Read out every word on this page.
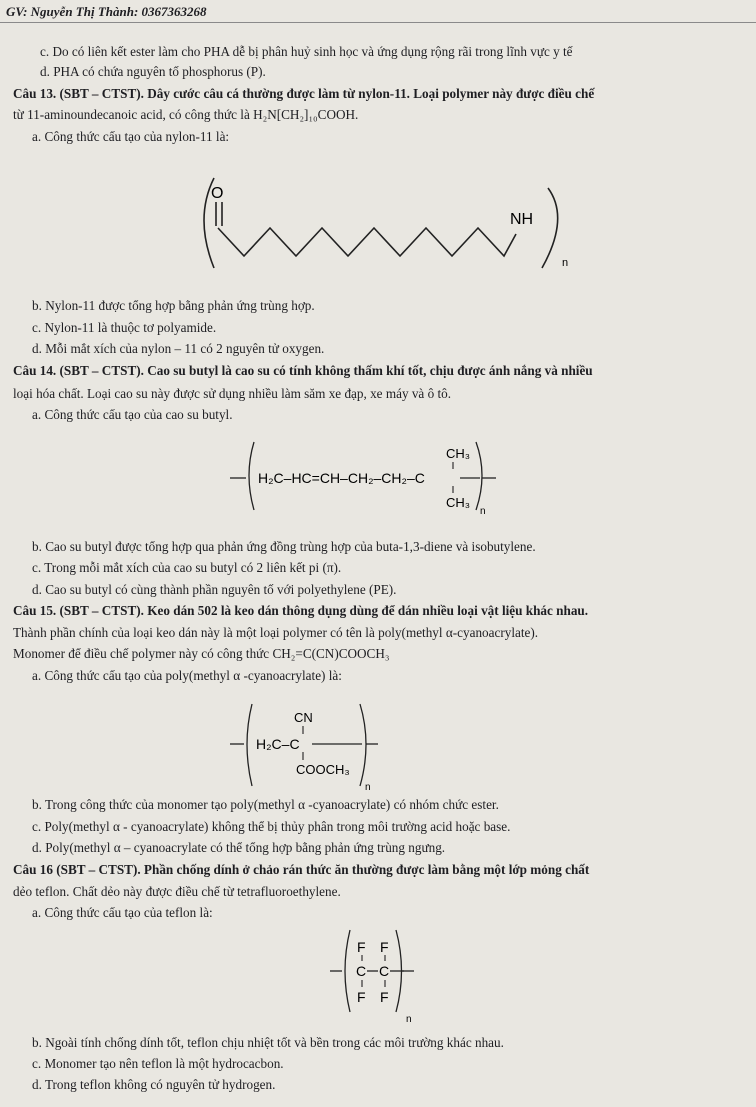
GV: Nguyễn Thị Thành: 0367363268
c. Do có liên kết ester làm cho PHA dễ bị phân huỷ sinh học và ứng dụng rộng rãi trong lĩnh vực y tế
d. PHA có chứa nguyên tố phosphorus (P).
Câu 13. (SBT – CTST). Dây cước câu cá thường được làm từ nylon-11. Loại polymer này được điều chế
từ 11-aminoundecanoic acid, có công thức là H₂N[CH₂]₁₀COOH.
a. Công thức cấu tạo của nylon-11 là:
O
NH
n
b. Nylon-11 được tổng hợp bằng phản ứng trùng hợp.
c. Nylon-11 là thuộc tơ polyamide.
d. Mỗi mắt xích của nylon – 11 có 2 nguyên tử oxygen.
Câu 14. (SBT – CTST). Cao su butyl là cao su có tính không thấm khí tốt, chịu được ánh nắng và nhiều
loại hóa chất. Loại cao su này được sử dụng nhiều làm săm xe đạp, xe máy và ô tô.
a. Công thức cấu tạo của cao su butyl.
H₂C–HC=CH–CH₂–CH₂–C
CH₃
CH₃
n
b. Cao su butyl được tổng hợp qua phản ứng đồng trùng hợp của buta-1,3-diene và isobutylene.
c. Trong mỗi mắt xích của cao su butyl có 2 liên kết pi (π).
d. Cao su butyl có cùng thành phần nguyên tố với polyethylene (PE).
Câu 15. (SBT – CTST). Keo dán 502 là keo dán thông dụng dùng để dán nhiều loại vật liệu khác nhau.
Thành phần chính của loại keo dán này là một loại polymer có tên là poly(methyl α-cyanoacrylate).
Monomer để điều chế polymer này có công thức CH₂=C(CN)COOCH₃
a. Công thức cấu tạo của poly(methyl α -cyanoacrylate) là:
H₂C–C
CN
COOCH₃
n
b. Trong công thức của monomer tạo poly(methyl α -cyanoacrylate) có nhóm chức ester.
c. Poly(methyl α - cyanoacrylate) không thể bị thủy phân trong môi trường acid hoặc base.
d. Poly(methyl α – cyanoacrylate có thể tổng hợp bằng phản ứng trùng ngưng.
Câu 16 (SBT – CTST). Phần chống dính ở chảo rán thức ăn thường được làm bằng một lớp mỏng chất
dẻo teflon. Chất dẻo này được điều chế từ tetrafluoroethylene.
a. Công thức cấu tạo của teflon là:
F F
C C
F F
n
b. Ngoài tính chống dính tốt, teflon chịu nhiệt tốt và bền trong các môi trường khác nhau.
c. Monomer tạo nên teflon là một hydrocacbon.
d. Trong teflon không có nguyên tử hydrogen.
